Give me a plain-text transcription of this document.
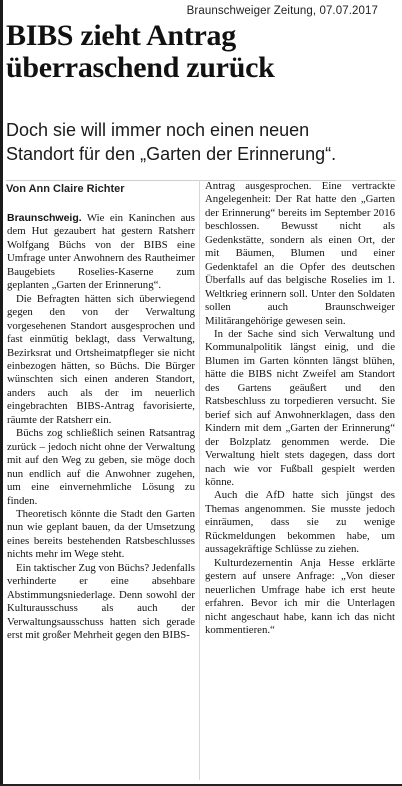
Braunschweiger Zeitung, 07.07.2017
BIBS zieht Antrag
überraschend zurück
Doch sie will immer noch einen neuen
Standort für den „Garten der Erinnerung“.
Von Ann Claire Richter

Braunschweig. Wie ein Kaninchen aus dem Hut gezaubert hat gestern Ratsherr Wolfgang Büchs von der BIBS eine Umfrage unter Anwohnern des Rautheimer Baugebiets Roselies-Kaserne zum geplanten „Garten der Erinnerung“.

Die Befragten hätten sich überwiegend gegen den von der Verwaltung vorgesehenen Standort ausgesprochen und fast einmütig beklagt, dass Verwaltung, Bezirksrat und Ortsheimatpfleger sie nicht einbezogen hätten, so Büchs. Die Bürger wünschten sich einen anderen Standort, anders auch als der im neuerlich eingebrachten BIBS-Antrag favorisierte, räumte der Ratsherr ein.

Büchs zog schließlich seinen Ratsantrag zurück – jedoch nicht ohne der Verwaltung mit auf den Weg zu geben, sie möge doch nun endlich auf die Anwohner zugehen, um eine einvernehmliche Lösung zu finden.

Theoretisch könnte die Stadt den Garten nun wie geplant bauen, da der Umsetzung eines bereits bestehenden Ratsbeschlusses nichts mehr im Wege steht.

Ein taktischer Zug von Büchs? Jedenfalls verhinderte er eine absehbare Abstimmungsniederlage. Denn sowohl der Kulturausschuss als auch der Verwaltungsausschuss hatten sich gerade erst mit großer Mehrheit gegen den BIBS-

Antrag ausgesprochen. Eine vertrackte Angelegenheit: Der Rat hatte den „Garten der Erinnerung“ bereits im September 2016 beschlossen. Bewusst nicht als Gedenkstätte, sondern als einen Ort, der mit Bäumen, Blumen und einer Gedenktafel an die Opfer des deutschen Überfalls auf das belgische Roselies im 1. Weltkrieg erinnern soll. Unter den Soldaten sollen auch Braunschweiger Militärangehörige gewesen sein.

In der Sache sind sich Verwaltung und Kommunalpolitik längst einig, und die Blumen im Garten könnten längst blühen, hätte die BIBS nicht Zweifel am Standort des Gartens geäußert und den Ratsbeschluss zu torpedieren versucht. Sie berief sich auf Anwohnerklagen, dass den Kindern mit dem „Garten der Erinnerung“ der Bolzplatz genommen werde. Die Verwaltung hielt stets dagegen, dass dort nach wie vor Fußball gespielt werden könne.

Auch die AfD hatte sich jüngst des Themas angenommen. Sie musste jedoch einräumen, dass sie zu wenige Rückmeldungen bekommen habe, um aussagekräftige Schlüsse zu ziehen.

Kulturdezernentin Anja Hesse erklärte gestern auf unsere Anfrage: „Von dieser neuerlichen Umfrage habe ich erst heute erfahren. Bevor ich mir die Unterlagen nicht angeschaut habe, kann ich das nicht kommentieren.“
